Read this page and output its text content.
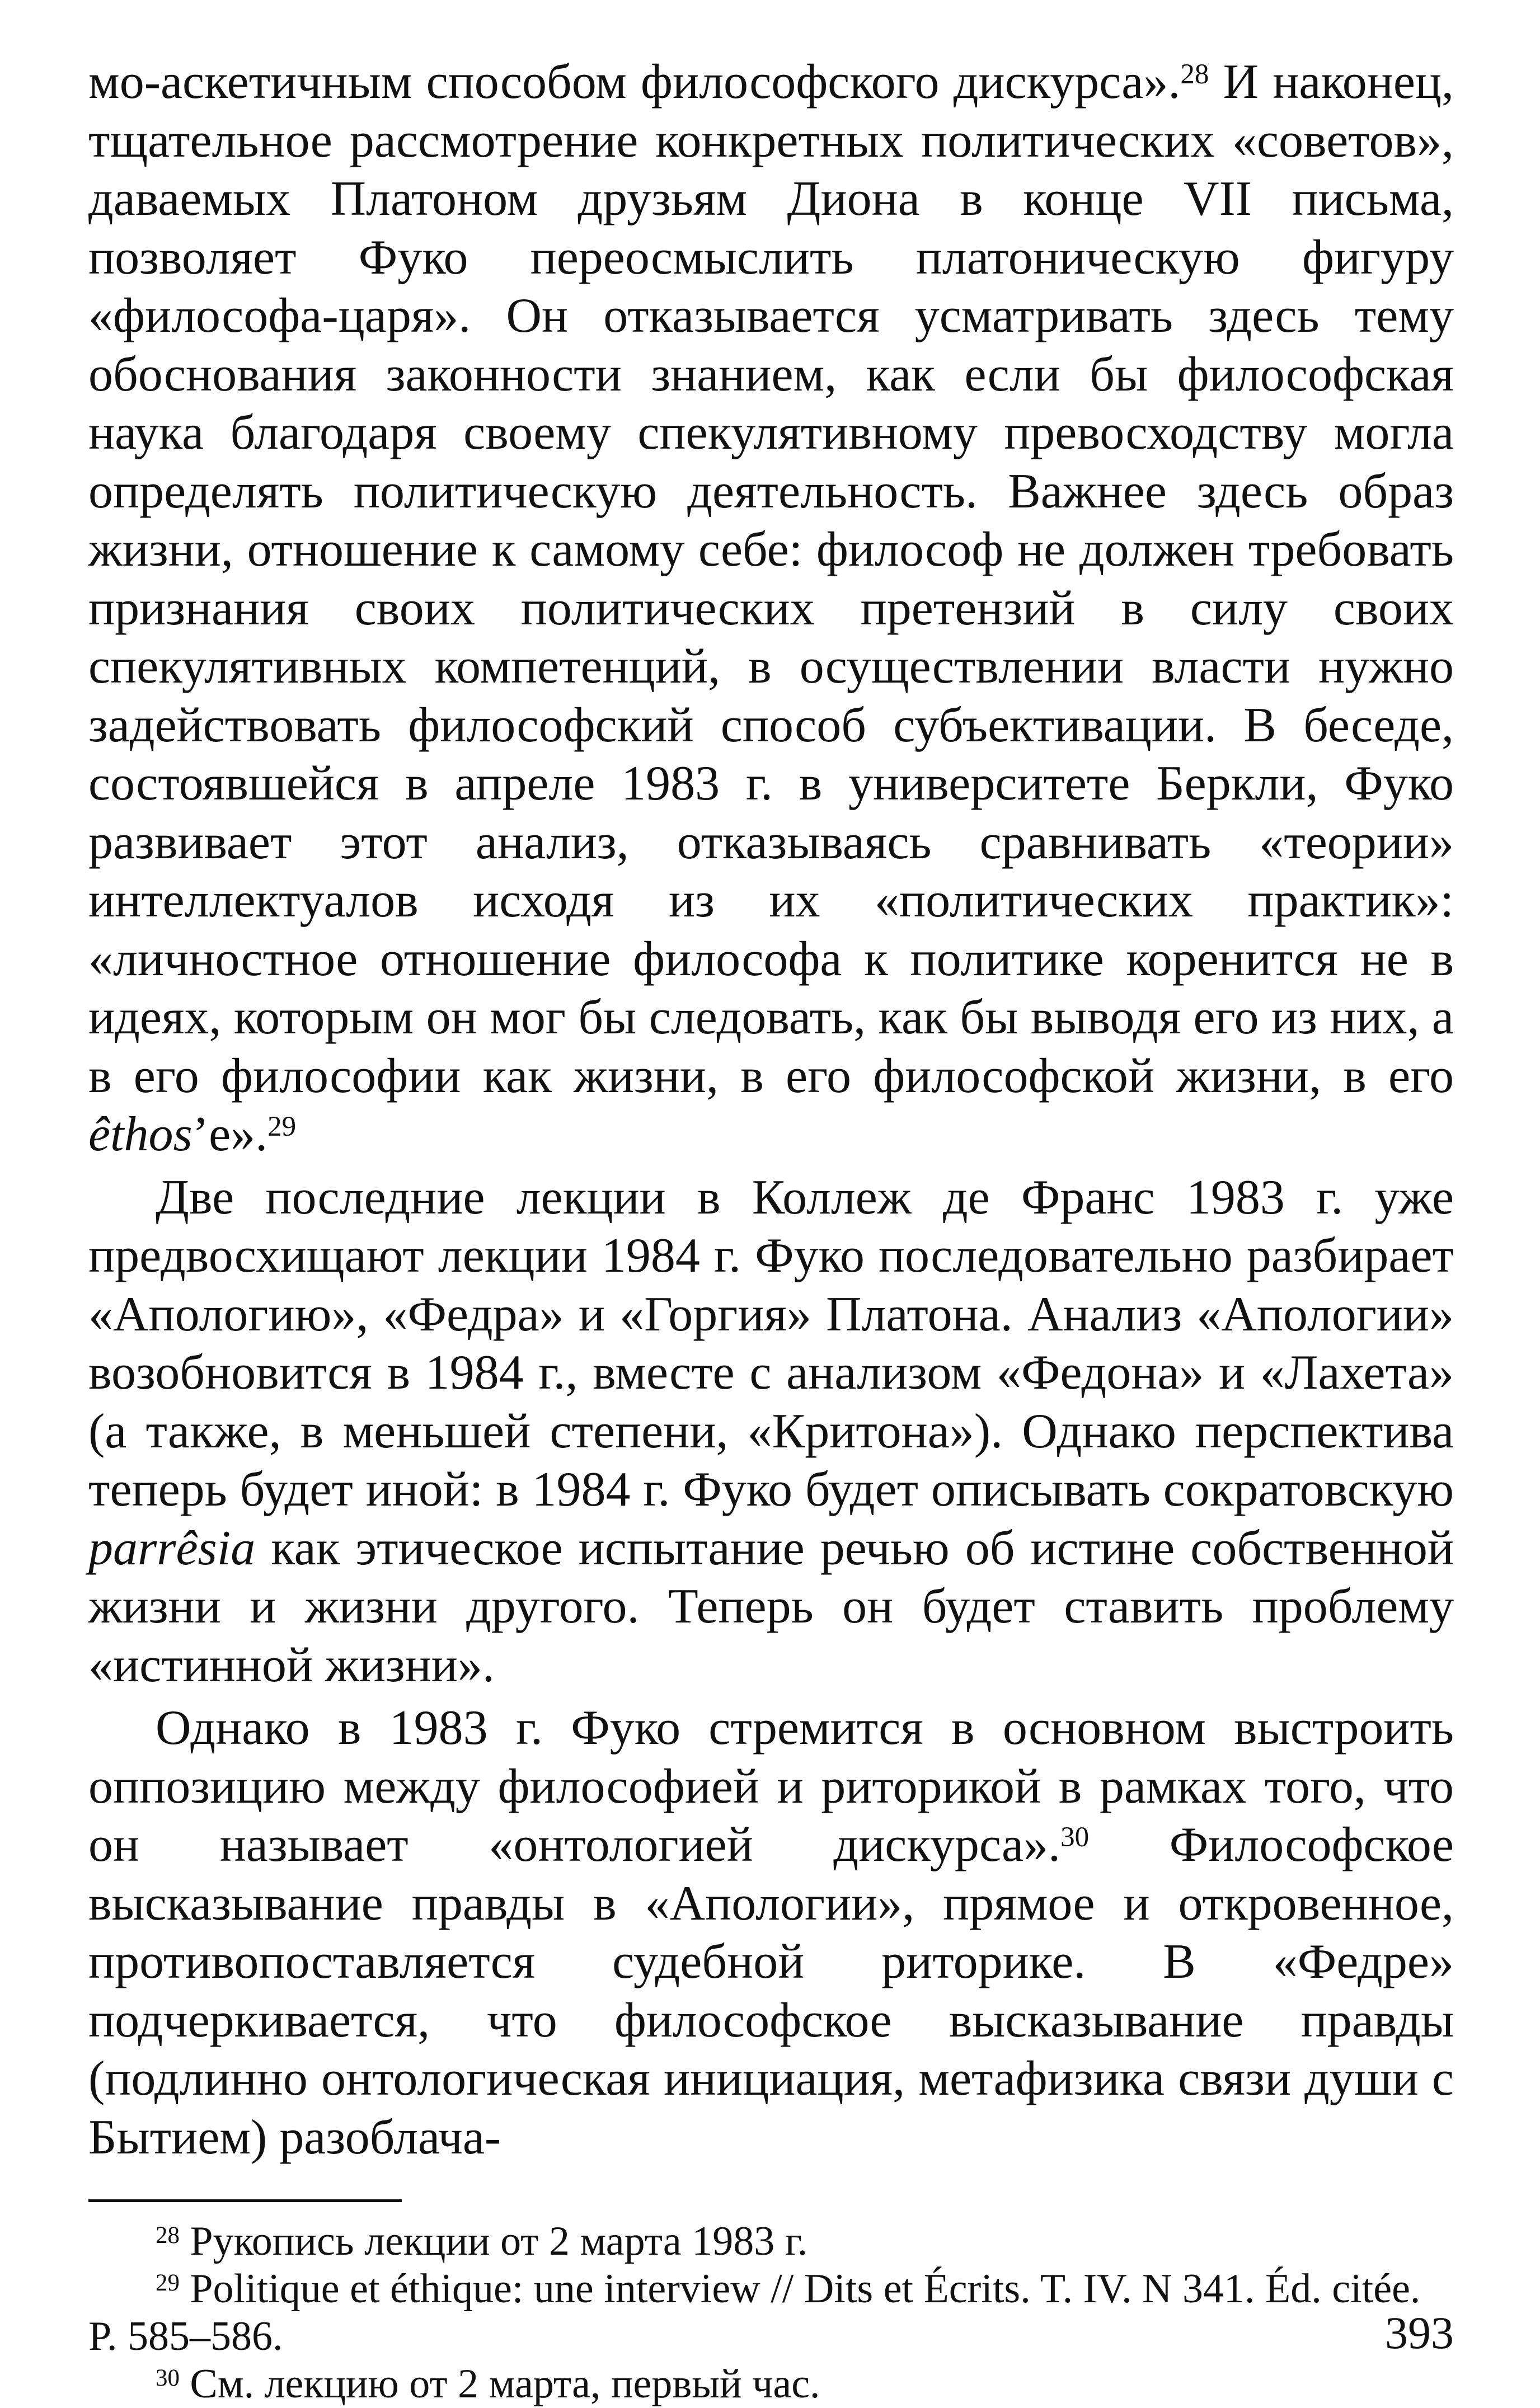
мо-аскетичным способом философского дискурса».$^{28}$ И наконец, тщательное рассмотрение конкретных политических «советов», даваемых Платоном друзьям Диона в конце VII письма, позволяет Фуко переосмыслить платоническую фигуру «философа-царя». Он отказывается усматривать здесь тему обоснования законности знанием, как если бы философская наука благодаря своему спекулятивному превосходству могла определять политическую деятельность. Важнее здесь образ жизни, отношение к самому себе: философ не должен требовать признания своих политических претензий в силу своих спекулятивных компетенций, в осуществлении власти нужно задействовать философский способ субъективации. В беседе, состоявшейся в апреле 1983 г. в университете Беркли, Фуко развивает этот анализ, отказываясь сравнивать «теории» интеллектуалов исходя из их «политических практик»: «личностное отношение философа к политике коренится не в идеях, которым он мог бы следовать, как бы выводя его из них, а в его философии как жизни, в его философской жизни, в его êthos’е».$^{29}$

Две последние лекции в Коллеж де Франс 1983 г. уже предвосхищают лекции 1984 г. Фуко последовательно разбирает «Апологию», «Федра» и «Горгия» Платона. Анализ «Апологии» возобновится в 1984 г., вместе с анализом «Федона» и «Лахета» (а также, в меньшей степени, «Критона»). Однако перспектива теперь будет иной: в 1984 г. Фуко будет описывать сократовскую parrêsia как этическое испытание речью об истине собственной жизни и жизни другого. Теперь он будет ставить проблему «истинной жизни».

Однако в 1983 г. Фуко стремится в основном выстроить оппозицию между философией и риторикой в рамках того, что он называет «онтологией дискурса».$^{30}$ Философское высказывание правды в «Апологии», прямое и откровенное, противопоставляется судебной риторике. В «Федре» подчеркивается, что философское высказывание правды (подлинно онтологическая инициация, метафизика связи души с Бытием) разоблача-

$^{28}$ Рукопись лекции от 2 марта 1983 г.

$^{29}$ Politique et éthique: une interview // Dits et Écrits. T. IV. N 341. Éd. citée. P. 585–586.

$^{30}$ См. лекцию от 2 марта, первый час.

393
